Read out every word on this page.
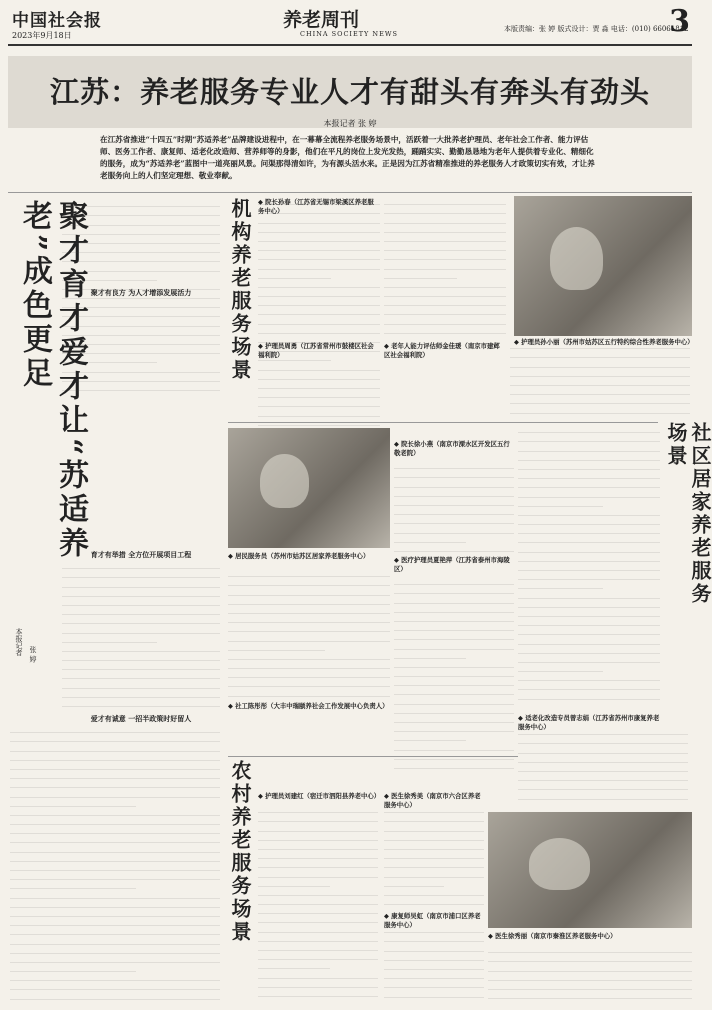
中国社会报
2023年9月18日
养老周刊
CHINA SOCIETY NEWS
本版责编：张 婷 版式设计：贾 淼 电话：(010) 66061812
3
江苏：养老服务专业人才有甜头有奔头有劲头
本报记者 张 婷
在江苏省推进“十四五”时期“苏适养老”品牌建设进程中，在一幕幕全流程养老服务场景中，活跃着一大批养老护理员、老年社会工作者、能力评估师、医务工作者、康复师、适老化改造师、营养师等的身影，他们在平凡的岗位上发光发热，踊踊实实、勤勤恳恳地为老年人提供着专业化、精细化的服务，成为“苏适养老”蓝图中一道亮丽风景。问渠那得清如许，为有源头活水来。正是因为江苏省精准推进的养老服务人才政策切实有效，才让养老服务向上的人们坚定理想、敬业奉献。
聚才育才爱才让“苏适养老”成色更足
本报记者 张 婷
聚才有良方 为人才增添发展活力
育才有举措 全方位开展项目工程
爱才有诚意 一招半政策时好留人
机构养老服务场景
社区居家养老服务场景
农村养老服务场景
◆ 护理员孙小丽（苏州市姑苏区五行特约综合性养老服务中心）
◆ 居民服务员（苏州市姑苏区居家养老服务中心）
◆ 医生徐秀丽（南京市秦淮区养老服务中心）
◆ 院长孙春（江苏省无锡市梁溪区养老服务中心）
◆ 护理员周勇（江苏省常州市鼓楼区社会福利院）
◆ 老年人能力评估师金佳瑗（南京市建邺区社会福利院）
◆ 社工陈彤彤（大丰中瑞颐养社会工作发展中心负责人）
◆ 医疗护理员夏艳萍（江苏省泰州市海陵区）
◆ 院长徐小燕（南京市溧水区开发区五行敬老院）
◆ 适老化改造专员曾志娟（江苏省苏州市康复养老服务中心）
◆ 护理员刘建红（宿迁市泗阳县养老中心） ◆ 医生徐秀美（南京市六合区养老服务中心）
◆ 康复师吴虹（南京市浦口区养老服务中心）
